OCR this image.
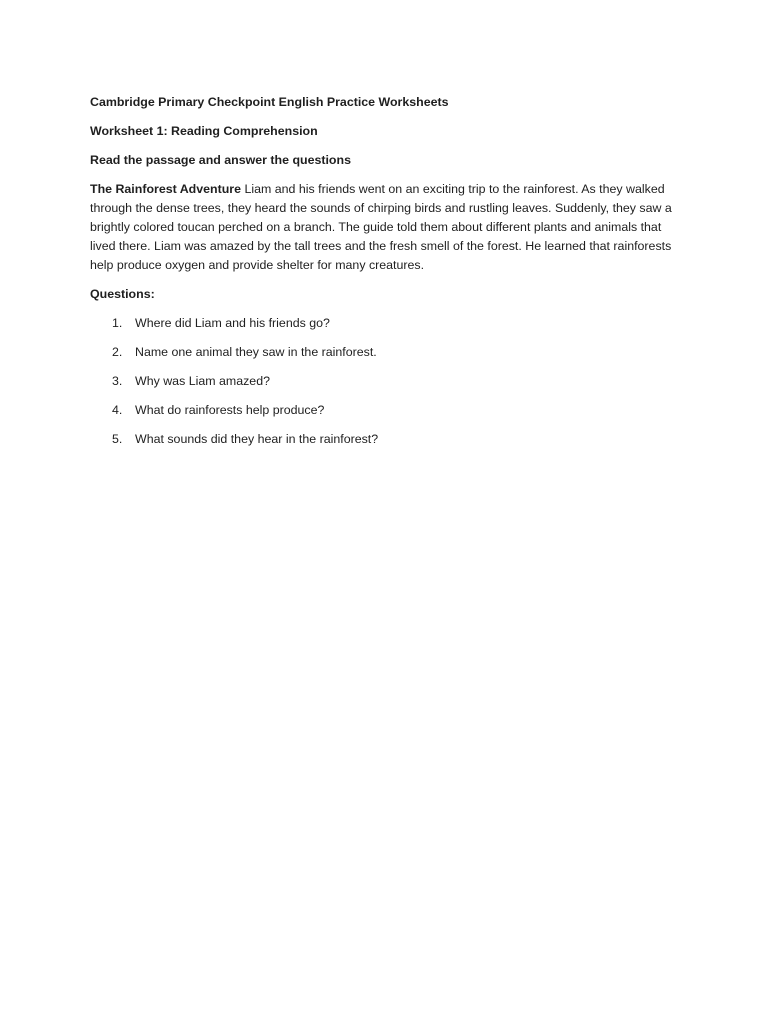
Cambridge Primary Checkpoint English Practice Worksheets

Worksheet 1: Reading Comprehension

Read the passage and answer the questions

The Rainforest Adventure Liam and his friends went on an exciting trip to the rainforest. As they walked through the dense trees, they heard the sounds of chirping birds and rustling leaves. Suddenly, they saw a brightly colored toucan perched on a branch. The guide told them about different plants and animals that lived there. Liam was amazed by the tall trees and the fresh smell of the forest. He learned that rainforests help produce oxygen and provide shelter for many creatures.

Questions:

1. Where did Liam and his friends go?
2. Name one animal they saw in the rainforest.
3. Why was Liam amazed?
4. What do rainforests help produce?
5. What sounds did they hear in the rainforest?
